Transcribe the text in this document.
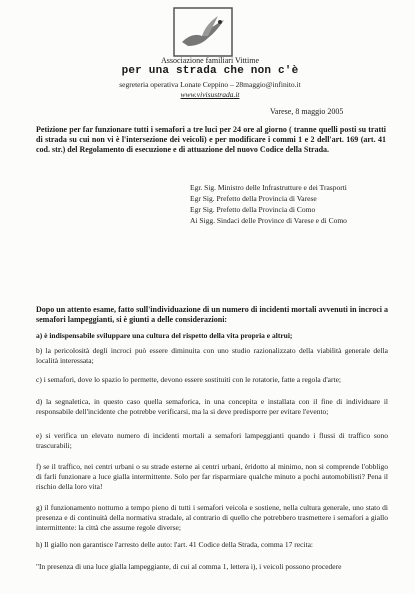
Associazione familiari Vittime
per una strada che non c'è
segreteria operativa Lonate Ceppino – 28maggio@infinito.it
www.vivisustrada.it
Varese, 8 maggio 2005
Petizione per far funzionare tutti i semafori a tre luci per 24 ore al giorno ( tranne quelli posti su tratti di strada su cui non vi è l'intersezione dei veicoli) e per modificare i commi 1 e 2 dell'art. 169 (art. 41 cod. str.) del Regolamento di esecuzione e di attuazione del nuovo Codice della Strada.
Egr. Sig. Ministro delle Infrastrutture e dei Trasporti
Egr Sig. Prefetto della Provincia di Varese
Egr Sig. Prefetto della Provincia di Como
Ai Sigg. Sindaci delle Province di Varese e di Como
Dopo un attento esame, fatto sull'individuazione di un numero di incidenti mortali avvenuti in incroci a semafori lampeggianti, si è giunti a delle considerazioni:
a) è indispensabile sviluppare una cultura del rispetto della vita propria e altrui;
b) la pericolosità degli incroci può essere diminuita con uno studio razionalizzato della viabilità generale della località interessata;
c) i semafori, dove lo spazio lo permette, devono essere sostituiti con le rotatorie, fatte a regola d'arte;
d) la segnaletica, in questo caso quella semaforica, in una concepita e installata con il fine di individuare il responsabile dell'incidente che potrebbe verificarsi, ma la si deve predisporre per evitare l'evento;
e) si verifica un elevato numero di incidenti mortali a semafori lampeggianti quando i flussi di traffico sono trascurabili;
f) se il traffico, nei centri urbani o su strade esterne ai centri urbani, èridotto al minimo, non si comprende l'obbligo di farli funzionare a luce gialla intermittente. Solo per far risparmiare qualche minuto a pochi automobilisti? Pena il rischio della loro vita!
g) il funzionamento notturno a tempo pieno di tutti i semafori veicola e sostiene, nella cultura generale, uno stato di presenza e di continuità della normativa stradale, al contrario di quello che potrebbero trasmettere i semafori a giallo intermittente: la città che assume regole diverse;
h) Il giallo non garantisce l'arresto delle auto: l'art. 41 Codice della Strada, comma 17 recita:
"In presenza di una luce gialla lampeggiante, di cui al comma 1, lettera i), i veicoli possono procedere
